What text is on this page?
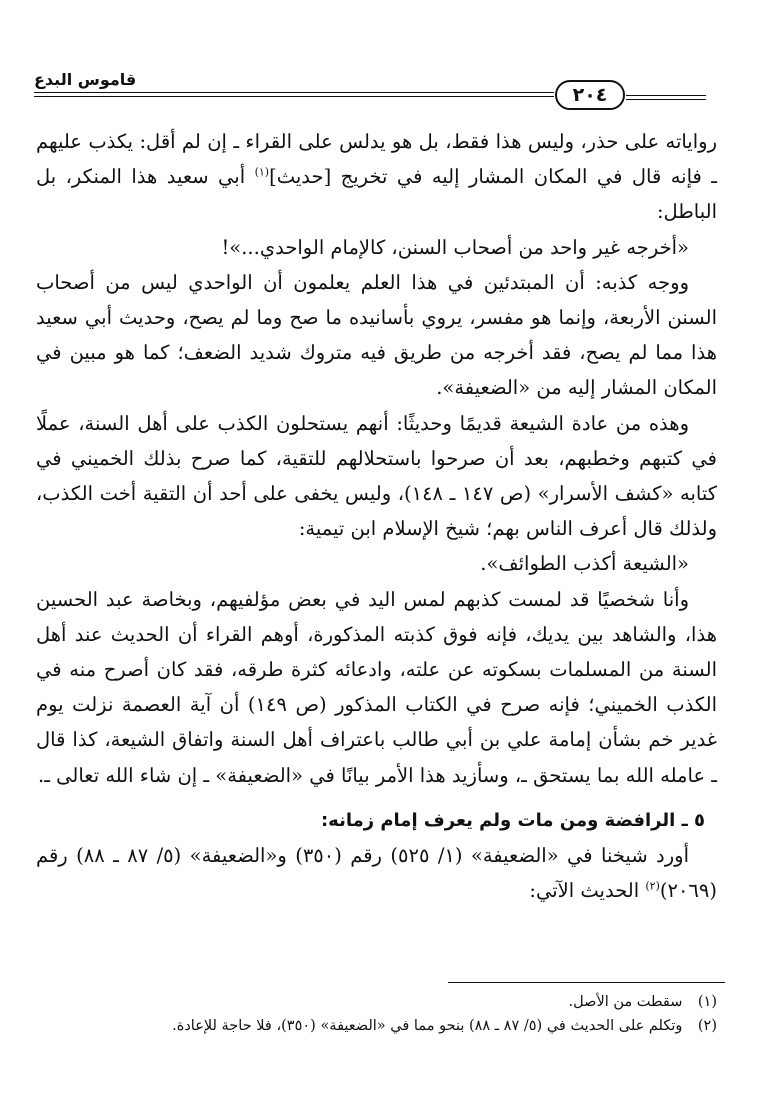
قاموس البدع
٢٠٤

رواياته على حذر، وليس هذا فقط، بل هو يدلس على القراء ـ إن لم أقل: يكذب عليهم ـ فإنه قال في المكان المشار إليه في تخريج [حديث]$^{(١)}$ أبي سعيد هذا المنكر، بل الباطل:

«أخرجه غير واحد من أصحاب السنن، كالإمام الواحدي...»!

ووجه كذبه: أن المبتدئين في هذا العلم يعلمون أن الواحدي ليس من أصحاب السنن الأربعة، وإنما هو مفسر، يروي بأسانيده ما صح وما لم يصح، وحديث أبي سعيد هذا مما لم يصح، فقد أخرجه من طريق فيه متروك شديد الضعف؛ كما هو مبين في المكان المشار إليه من «الضعيفة».

وهذه من عادة الشيعة قديمًا وحديثًا: أنهم يستحلون الكذب على أهل السنة، عملًا في كتبهم وخطبهم، بعد أن صرحوا باستحلالهم للتقية، كما صرح بذلك الخميني في كتابه «كشف الأسرار» (ص ١٤٧ ـ ١٤٨)، وليس يخفى على أحد أن التقية أخت الكذب، ولذلك قال أعرف الناس بهم؛ شيخ الإسلام ابن تيمية:

«الشيعة أكذب الطوائف».

وأنا شخصيًا قد لمست كذبهم لمس اليد في بعض مؤلفيهم، وبخاصة عبد الحسين هذا، والشاهد بين يديك، فإنه فوق كذبته المذكورة، أوهم القراء أن الحديث عند أهل السنة من المسلمات بسكوته عن علته، وادعائه كثرة طرقه، فقد كان أصرح منه في الكذب الخميني؛ فإنه صرح في الكتاب المذكور (ص ١٤٩) أن آية العصمة نزلت يوم غدير خم بشأن إمامة علي بن أبي طالب باعتراف أهل السنة واتفاق الشيعة، كذا قال ـ عامله الله بما يستحق ـ، وسأزيد هذا الأمر بيانًا في «الضعيفة» ـ إن شاء الله تعالى ـ.

٥ ـ الرافضة ومن مات ولم يعرف إمام زمانه:

أورد شيخنا في «الضعيفة» (١/ ٥٢٥) رقم (٣٥٠) و«الضعيفة» (٥/ ٨٧ ـ ٨٨) رقم (٢٠٦٩)$^{(٢)}$ الحديث الآتي:

(١) سقطت من الأصل.

(٢) وتكلم على الحديث في (٥/ ٨٧ ـ ٨٨) بنحو مما في «الضعيفة» (٣٥٠)، فلا حاجة للإعادة.
